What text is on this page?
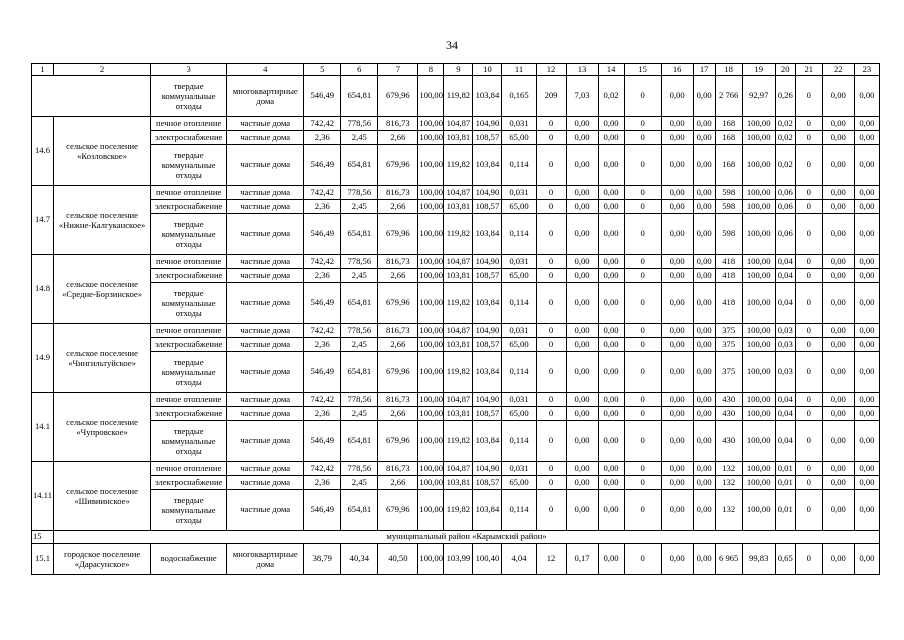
34
1	2	3	4	5	6	7	8	9	10	11	12	13	14	15	16	17	18	19	20	21	22	23
		твердые коммунальные отходы	многоквартирные дома	546,49	654,81	679,96	100,00	119,82	103,84	0,165	209	7,03	0,02	0	0,00	0,00	2 766	92,97	0,26	0	0,00	0,00
14.6	сельское поселение «Козловское»	печное отопление	частные дома	742,42	778,56	816,73	100,00	104,87	104,90	0,031	0	0,00	0,00	0	0,00	0,00	168	100,00	0,02	0	0,00	0,00
		электроснабжение	частные дома	2,36	2,45	2,66	100,00	103,81	108,57	65,00	0	0,00	0,00	0	0,00	0,00	168	100,00	0,02	0	0,00	0,00
		твердые коммунальные отходы	частные дома	546,49	654,81	679,96	100,00	119,82	103,84	0,114	0	0,00	0,00	0	0,00	0,00	168	100,00	0,02	0	0,00	0,00
14.7	сельское поселение «Нижне-Калгуканское»	печное отопление	частные дома	742,42	778,56	816,73	100,00	104,87	104,90	0,031	0	0,00	0,00	0	0,00	0,00	598	100,00	0,06	0	0,00	0,00
		электроснабжение	частные дома	2,36	2,45	2,66	100,00	103,81	108,57	65,00	0	0,00	0,00	0	0,00	0,00	598	100,00	0,06	0	0,00	0,00
		твердые коммунальные отходы	частные дома	546,49	654,81	679,96	100,00	119,82	103,84	0,114	0	0,00	0,00	0	0,00	0,00	598	100,00	0,06	0	0,00	0,00
14.8	сельское поселение «Средне-Борзинское»	печное отопление	частные дома	742,42	778,56	816,73	100,00	104,87	104,90	0,031	0	0,00	0,00	0	0,00	0,00	418	100,00	0,04	0	0,00	0,00
		электроснабжение	частные дома	2,36	2,45	2,66	100,00	103,81	108,57	65,00	0	0,00	0,00	0	0,00	0,00	418	100,00	0,04	0	0,00	0,00
		твердые коммунальные отходы	частные дома	546,49	654,81	679,96	100,00	119,82	103,84	0,114	0	0,00	0,00	0	0,00	0,00	418	100,00	0,04	0	0,00	0,00
14.9	сельское поселение «Чингильтуйское»	печное отопление	частные дома	742,42	778,56	816,73	100,00	104,87	104,90	0,031	0	0,00	0,00	0	0,00	0,00	375	100,00	0,03	0	0,00	0,00
		электроснабжение	частные дома	2,36	2,45	2,66	100,00	103,81	108,57	65,00	0	0,00	0,00	0	0,00	0,00	375	100,00	0,03	0	0,00	0,00
		твердые коммунальные отходы	частные дома	546,49	654,81	679,96	100,00	119,82	103,84	0,114	0	0,00	0,00	0	0,00	0,00	375	100,00	0,03	0	0,00	0,00
14.1	сельское поселение «Чупровское»	печное отопление	частные дома	742,42	778,56	816,73	100,00	104,87	104,90	0,031	0	0,00	0,00	0	0,00	0,00	430	100,00	0,04	0	0,00	0,00
		электроснабжение	частные дома	2,36	2,45	2,66	100,00	103,81	108,57	65,00	0	0,00	0,00	0	0,00	0,00	430	100,00	0,04	0	0,00	0,00
		твердые коммунальные отходы	частные дома	546,49	654,81	679,96	100,00	119,82	103,84	0,114	0	0,00	0,00	0	0,00	0,00	430	100,00	0,04	0	0,00	0,00
14.11	сельское поселение «Шивиинское»	печное отопление	частные дома	742,42	778,56	816,73	100,00	104,87	104,90	0,031	0	0,00	0,00	0	0,00	0,00	132	100,00	0,01	0	0,00	0,00
		электроснабжение	частные дома	2,36	2,45	2,66	100,00	103,81	108,57	65,00	0	0,00	0,00	0	0,00	0,00	132	100,00	0,01	0	0,00	0,00
		твердые коммунальные отходы	частные дома	546,49	654,81	679,96	100,00	119,82	103,84	0,114	0	0,00	0,00	0	0,00	0,00	132	100,00	0,01	0	0,00	0,00
15	муниципальный район «Карымский район»																					
15.1	городское поселение «Дарасунское»	водоснабжение	многоквартирные дома	38,79	40,34	40,50	100,00	103,99	100,40	4,04	12	0,17	0,00	0	0,00	0,00	6 965	99,83	0,65	0	0,00	0,00
